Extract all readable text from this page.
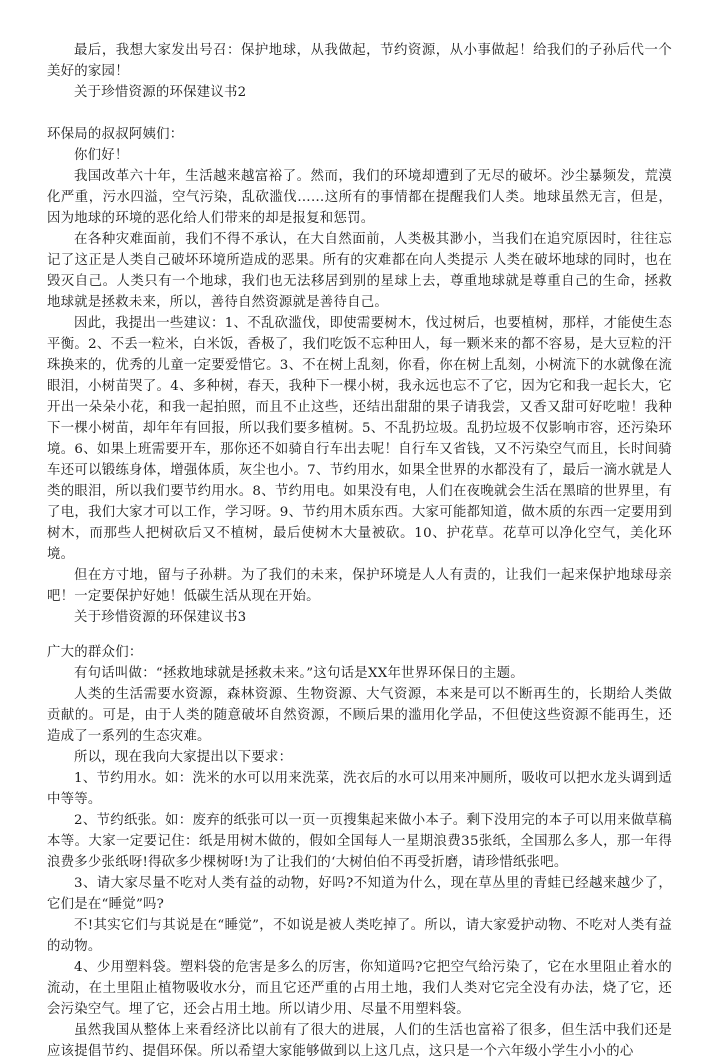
最后，我想大家发出号召：保护地球，从我做起，节约资源，从小事做起！给我们的子孙后代一个美好的家园！

关于珍惜资源的环保建议书2

环保局的叔叔阿姨们：

你们好！

我国改革六十年，生活越来越富裕了。然而，我们的环境却遭到了无尽的破坏。沙尘暴频发，荒漠化严重，污水四溢，空气污染，乱砍滥伐……这所有的事情都在提醒我们人类。地球虽然无言，但是，因为地球的环境的恶化给人们带来的却是报复和惩罚。

在各种灾难面前，我们不得不承认，在大自然面前，人类极其渺小，当我们在追究原因时，往往忘记了这正是人类自己破坏环境所造成的恶果。所有的灾难都在向人类提示 人类在破坏地球的同时，也在毁灭自己。人类只有一个地球，我们也无法移居到别的星球上去，尊重地球就是尊重自己的生命，拯救地球就是拯救未来，所以，善待自然资源就是善待自己。

因此，我提出一些建议：1、不乱砍滥伐，即使需要树木，伐过树后，也要植树，那样，才能使生态平衡。2、不丢一粒米，白米饭，香极了，我们吃饭不忘种田人，每一颗米来的都不容易，是大豆粒的汗珠换来的，优秀的儿童一定要爱惜它。3、不在树上乱刻，你看，你在树上乱刻，小树流下的水就像在流眼泪，小树苗哭了。4、多种树，春天，我种下一棵小树，我永远也忘不了它，因为它和我一起长大，它开出一朵朵小花，和我一起拍照，而且不止这些，还结出甜甜的果子请我尝，又香又甜可好吃啦！我种下一棵小树苗，却年年有回报，所以我们要多植树。5、不乱扔垃圾。乱扔垃圾不仅影响市容，还污染环境。6、如果上班需要开车，那你还不如骑自行车出去呢！自行车又省钱，又不污染空气而且，长时间骑车还可以锻练身体，增强体质，灰尘也小。7、节约用水，如果全世界的水都没有了，最后一滴水就是人类的眼泪，所以我们要节约用水。8、节约用电。如果没有电，人们在夜晚就会生活在黑暗的世界里，有了电，我们大家才可以工作，学习呀。9、节约用木质东西。大家可能都知道，做木质的东西一定要用到树木，而那些人把树砍后又不植树，最后使树木大量被砍。10、护花草。花草可以净化空气，美化环境。

但在方寸地，留与子孙耕。为了我们的未来，保护环境是人人有责的，让我们一起来保护地球母亲吧！一定要保护好她！低碳生活从现在开始。

关于珍惜资源的环保建议书3

广大的群众们：

有句话叫做：“拯救地球就是拯救未来。”这句话是XX年世界环保日的主题。

人类的生活需要水资源，森林资源、生物资源、大气资源，本来是可以不断再生的，长期给人类做贡献的。可是，由于人类的随意破坏自然资源，不顾后果的滥用化学品，不但使这些资源不能再生，还造成了一系列的生态灾难。

所以，现在我向大家提出以下要求：

1、节约用水。如：洗米的水可以用来洗菜，洗衣后的水可以用来冲厕所，吸收可以把水龙头调到适中等等。

2、节约纸张。如：废弃的纸张可以一页一页搜集起来做小本子。剩下没用完的本子可以用来做草稿本等。大家一定要记住：纸是用树木做的，假如全国每人一星期浪费35张纸，全国那么多人，那一年得浪费多少张纸呀!得砍多少棵树呀!为了让我们的‘大树伯伯不再受折磨，请珍惜纸张吧。

3、请大家尽量不吃对人类有益的动物，好吗?不知道为什么，现在草丛里的青蛙已经越来越少了，它们是在“睡觉”吗?

不!其实它们与其说是在“睡觉”，不如说是被人类吃掉了。所以，请大家爱护动物、不吃对人类有益的动物。

4、少用塑料袋。塑料袋的危害是多么的厉害，你知道吗?它把空气给污染了，它在水里阻止着水的流动，在土里阻止植物吸收水分，而且它还严重的占用土地，我们人类对它完全没有办法，烧了它，还会污染空气。埋了它，还会占用土地。所以请少用、尽量不用塑料袋。

虽然我国从整体上来看经济比以前有了很大的进展，人们的生活也富裕了很多，但生活中我们还是应该提倡节约、提倡环保。所以希望大家能够做到以上这几点，这只是一个六年级小学生小小的心
